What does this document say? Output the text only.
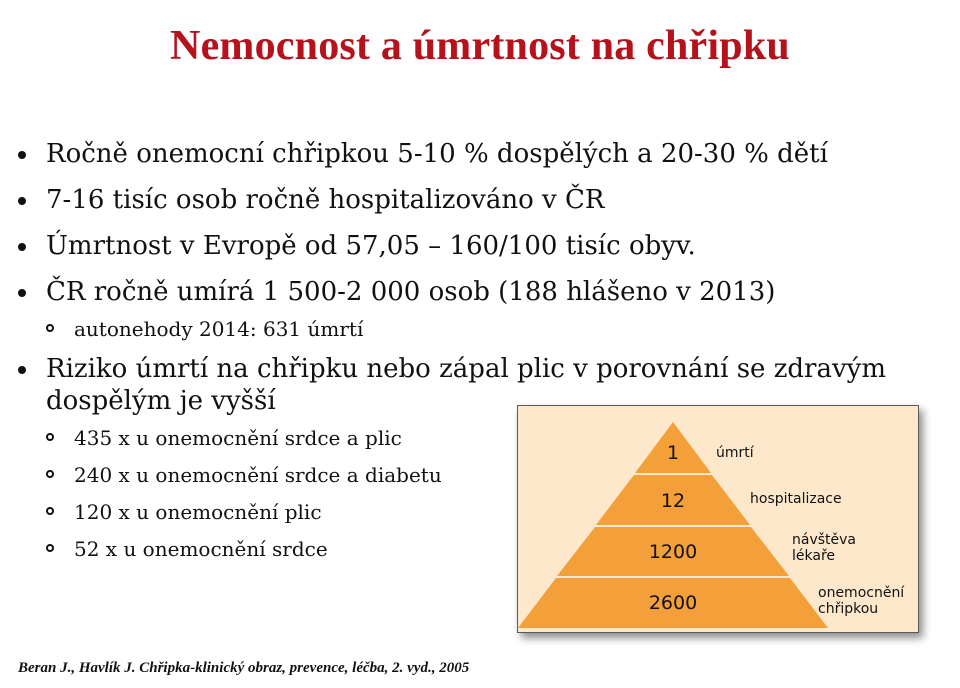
Nemocnost a úmrtnost na chřipku
Ročně onemocní chřipkou 5-10 % dospělých a 20-30 % dětí
7-16 tisíc osob ročně hospitalizováno v ČR
Úmrtnost v Evropě od 57,05 – 160/100 tisíc obyv.
ČR ročně umírá 1 500-2 000 osob (188 hlášeno v 2013)
autonehody 2014: 631 úmrtí
Riziko úmrtí na chřipku nebo zápal plic v porovnání se zdravým dospělým je vyšší
435 x u onemocnění srdce a plic
240 x u onemocnění srdce a diabetu
120 x u onemocnění plic
52 x u onemocnění srdce
1
12
1200
2600
úmrtí
hospitalizace
návštěva
lékaře
onemocnění
chřipkou
Beran J., Havlík J. Chřipka-klinický obraz, prevence, léčba, 2. vyd., 2005
